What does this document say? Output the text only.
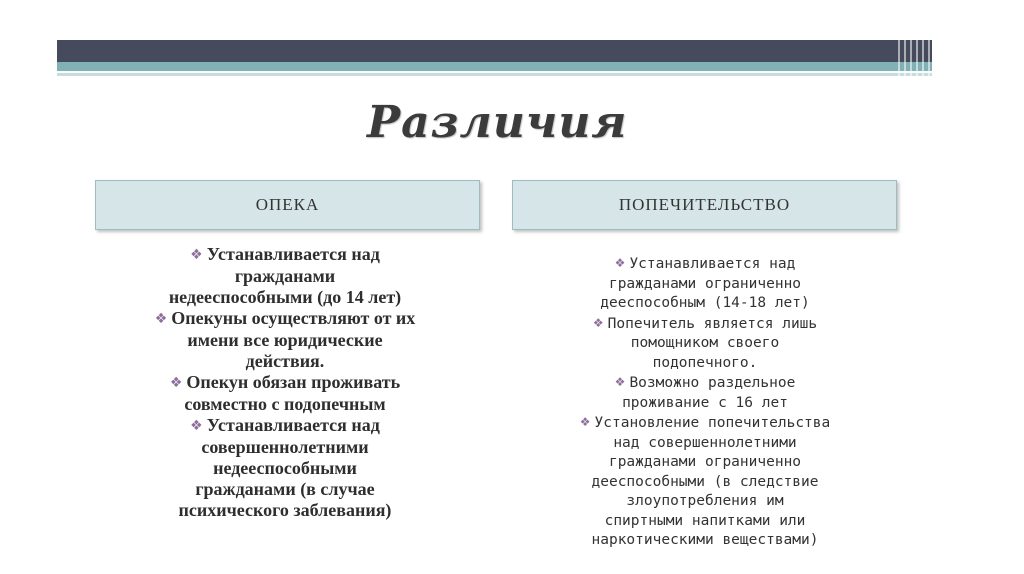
Различия
ОПЕКА	ПОПЕЧИТЕЛЬСТВО
❖ Устанавливается над
гражданами
недееспособными (до 14 лет)
❖ Опекуны осуществляют от их
имени все юридические
действия.
❖ Опекун обязан проживать
совместно с подопечным
❖ Устанавливается над
совершеннолетними
недееспособными
гражданами (в случае
психического заблевания)
❖ Устанавливается над
гражданами ограниченно
дееспособным (14-18 лет)
❖ Попечитель является лишь
помощником своего
подопечного.
❖ Возможно раздельное
проживание с 16 лет
❖ Установление попечительства
над совершеннолетними
гражданами ограниченно
дееспособными (в следствие
злоупотребления им
спиртными напитками или
наркотическими веществами)
